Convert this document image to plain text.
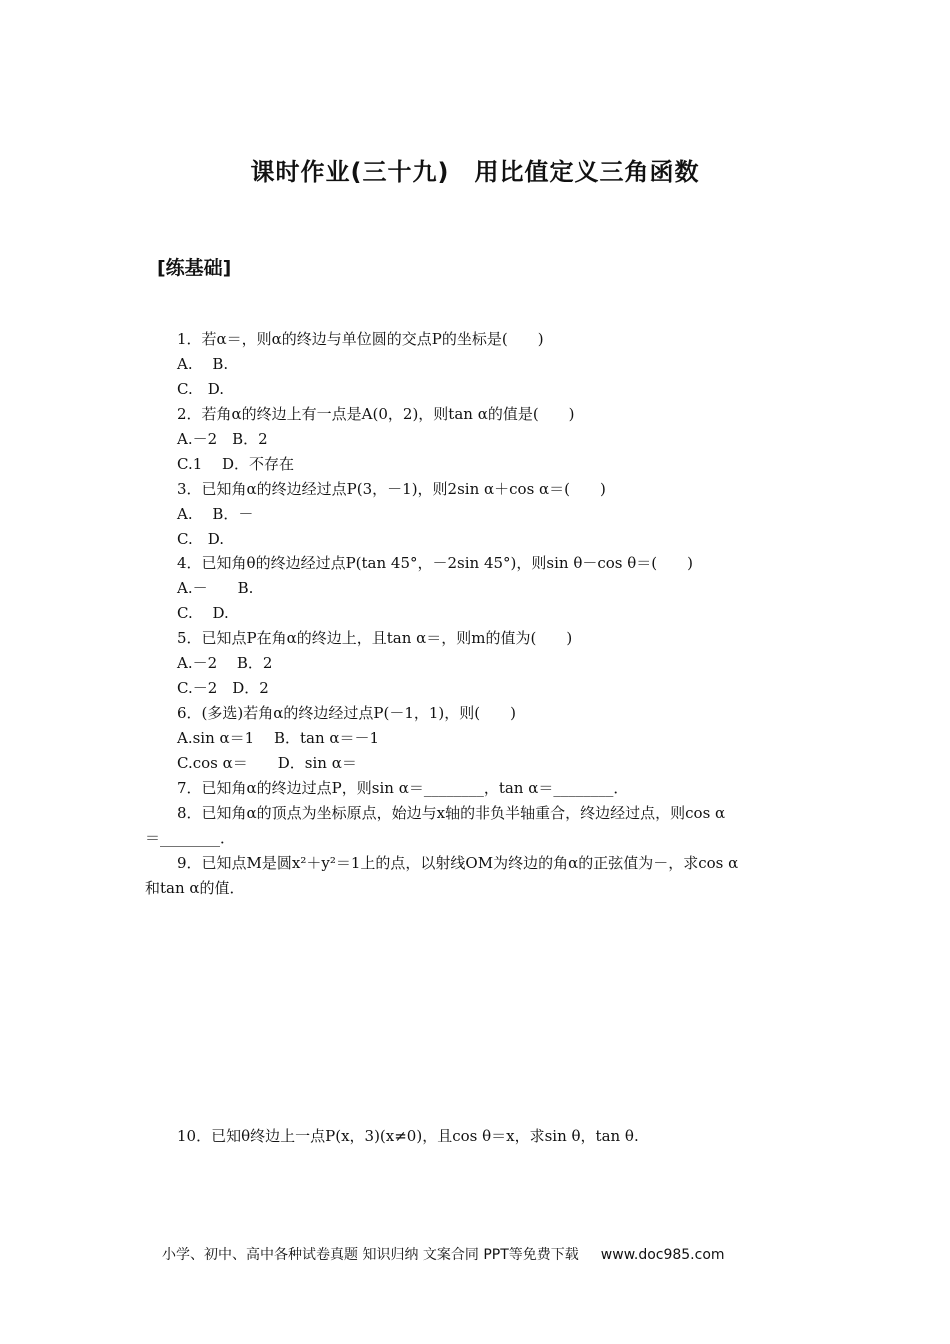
课时作业(三十九)　用比值定义三角函数
[练基础]
1．若α＝，则α的终边与单位圆的交点P的坐标是(　　)
A.　 B.
C.　D.
2．若角α的终边上有一点是A(0，2)，则tan α的值是(　　)
A.－2　B．2
C.1　 D．不存在
3．已知角α的终边经过点P(3，－1)，则2sin α＋cos α＝(　　)
A.　 B．－
C.　D.
4．已知角θ的终边经过点P(tan 45°，－2sin 45°)，则sin θ－cos θ＝(　　)
A.－　　B.
C.　 D.
5．已知点P在角α的终边上，且tan α＝，则m的值为(　　)
A.－2　 B．2
C.－2　D．2
6．(多选)若角α的终边经过点P(－1，1)，则(　　)
A.sin α＝1　 B．tan α＝－1
C.cos α＝　　D．sin α＝
7．已知角α的终边过点P，则sin α＝________，tan α＝________．
8．已知角α的顶点为坐标原点，始边与x轴的非负半轴重合，终边经过点，则cos α
＝________．
9．已知点M是圆x²＋y²＝1上的点，以射线OM为终边的角α的正弦值为－，求cos α
和tan α的值．
10．已知θ终边上一点P(x，3)(x≠0)，且cos θ＝x，求sin θ，tan θ.
小学、初中、高中各种试卷真题 知识归纳 文案合同 PPT等免费下载 www.doc985.com
